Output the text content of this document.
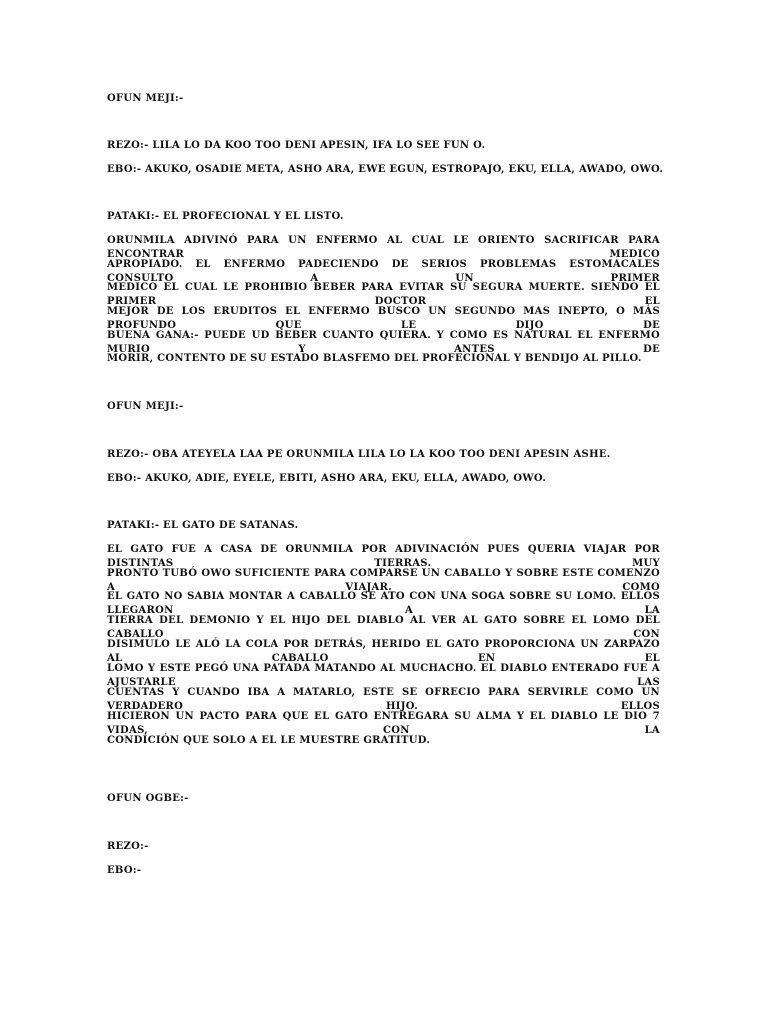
OFUN MEJI:-

REZO:- LILA LO DA KOO TOO DENI APESIN, IFA LO SEE FUN O.

EBO:- AKUKO, OSADIE META, ASHO ARA, EWE EGUN, ESTROPAJO, EKU, ELLA, AWADO, OWO.

PATAKI:- EL PROFECIONAL Y EL LISTO.

ORUNMILA ADIVINÓ PARA UN ENFERMO AL CUAL LE ORIENTO SACRIFICAR PARA ENCONTRAR MEDICO

APROPIADO. EL ENFERMO PADECIENDO DE SERIOS PROBLEMAS ESTOMACALES CONSULTO A UN PRIMER

MEDICO EL CUAL LE PROHIBIO BEBER PARA EVITAR SU SEGURA MUERTE. SIENDO EL PRIMER DOCTOR EL

MEJOR DE LOS ERUDITOS EL ENFERMO BUSCO UN SEGUNDO MAS INEPTO, O MÁS PROFUNDO QUE LE DIJO DE

BUENA GANA:- PUEDE UD BEBER CUANTO QUIERA. Y COMO ES NATURAL EL ENFERMO MURIO Y ANTES DE

MORIR, CONTENTO DE SU ESTADO BLASFEMO DEL PROFECIONAL Y BENDIJO AL PILLO.

OFUN MEJI:-

REZO:- OBA ATEYELA LAA PE ORUNMILA LILA LO LA KOO TOO DENI APESIN ASHE.

EBO:- AKUKO, ADIE, EYELE, EBITI, ASHO ARA, EKU, ELLA, AWADO, OWO.

PATAKI:- EL GATO DE SATANAS.

EL GATO FUE A CASA DE ORUNMILA POR ADIVINACIÓN PUES QUERIA VIAJAR POR DISTINTAS TIERRAS. MUY

PRONTO TUBÓ OWO SUFICIENTE PARA COMPARSE UN CABALLO Y SOBRE ESTE COMENZO A VIAJAR. COMO

EL GATO NO SABIA MONTAR A CABALLO SE ATO CON UNA SOGA SOBRE SU LOMO. ELLOS LLEGARON A LA

TIERRA DEL DEMONIO Y EL HIJO DEL DIABLO AL VER AL GATO SOBRE EL LOMO DEL CABALLO CON

DISIMULO LE ALÓ LA COLA POR DETRÁS, HERIDO EL GATO PROPORCIONA UN ZARPAZO AL CABALLO EN EL

LOMO Y ESTE PEGÓ UNA PATADA MATANDO AL MUCHACHO. EL DIABLO ENTERADO FUE A AJUSTARLE LAS

CUENTAS Y CUANDO IBA A MATARLO, ESTE SE OFRECIO PARA SERVIRLE COMO UN VERDADERO HIJO. ELLOS

HICIERON UN PACTO PARA QUE EL GATO ENTREGARA SU ALMA Y EL DIABLO LE DIO 7 VIDAS, CON LA

CONDICIÓN QUE SOLO A EL LE MUESTRE GRATITUD.

OFUN OGBE:-

REZO:-

EBO:-
